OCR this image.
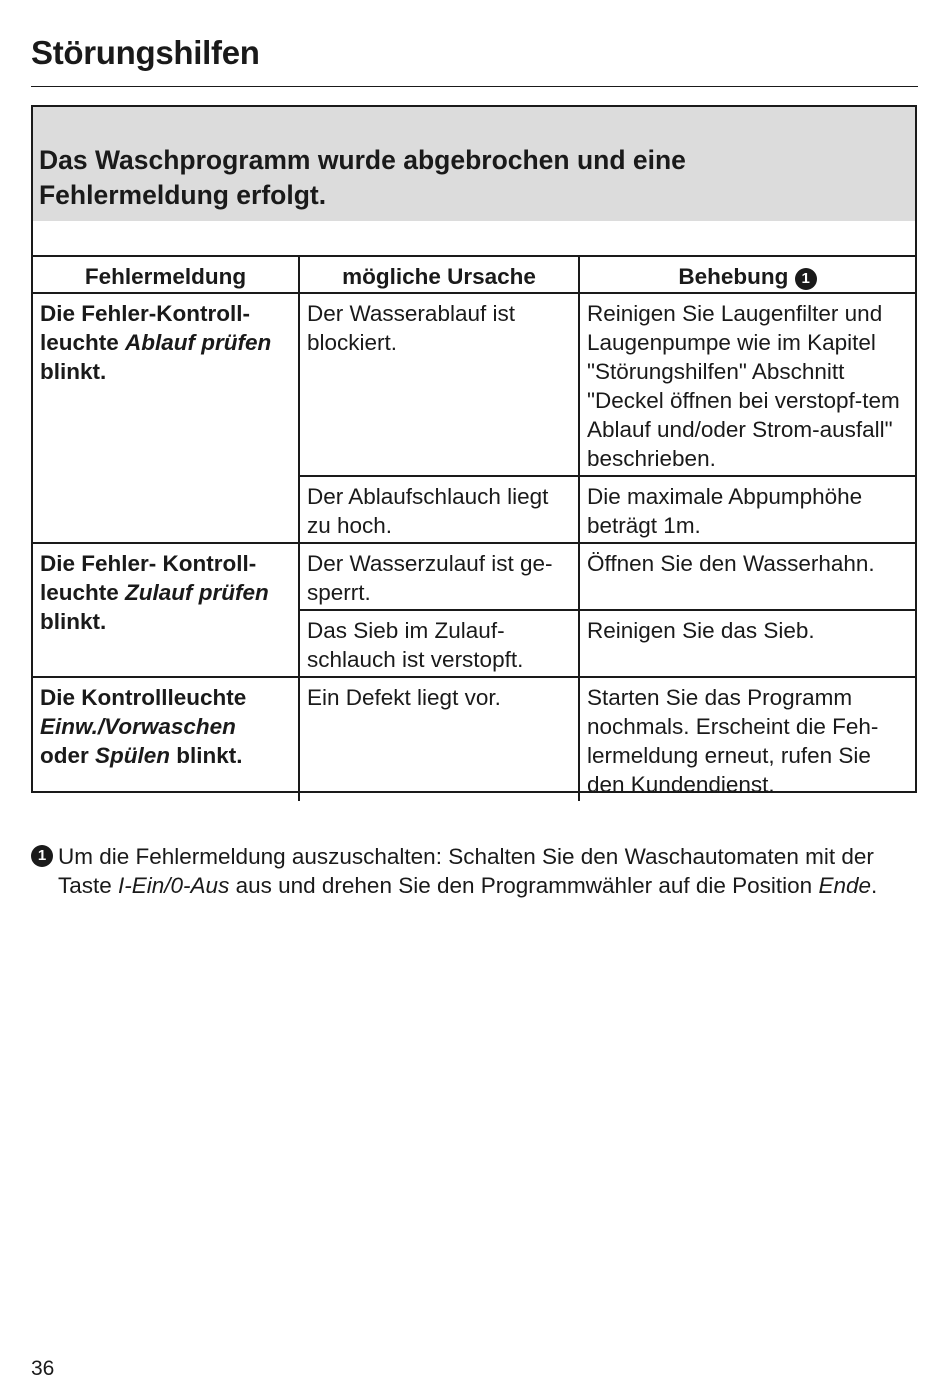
Störungshilfen
Das Waschprogramm wurde abgebrochen und eine
Fehlermeldung erfolgt.
Fehlermeldung	mögliche Ursache	Behebung 1
Die Fehler-Kontroll-
leuchte Ablauf prüfen
blinkt.	Der Wasserablauf ist blockiert.	Reinigen Sie Laugenfilter und Laugenpumpe wie im Kapitel "Störungshilfen" Abschnitt "Deckel öffnen bei verstopf-tem Ablauf und/oder Strom-ausfall" beschrieben.
	Der Ablaufschlauch liegt zu hoch.	Die maximale Abpumphöhe beträgt 1m.
Die Fehler- Kontroll-
leuchte Zulauf prüfen
blinkt.	Der Wasserzulauf ist ge-sperrt.	Öffnen Sie den Wasserhahn.
	Das Sieb im Zulauf-schlauch ist verstopft.	Reinigen Sie das Sieb.
Die Kontrollleuchte
Einw./Vorwaschen
oder Spülen blinkt.	Ein Defekt liegt vor.	Starten Sie das Programm nochmals. Erscheint die Feh-lermeldung erneut, rufen Sie den Kundendienst.
1 Um die Fehlermeldung auszuschalten: Schalten Sie den Waschautomaten mit der Taste I-Ein/0-Aus aus und drehen Sie den Programmwähler auf die Position Ende.
36
